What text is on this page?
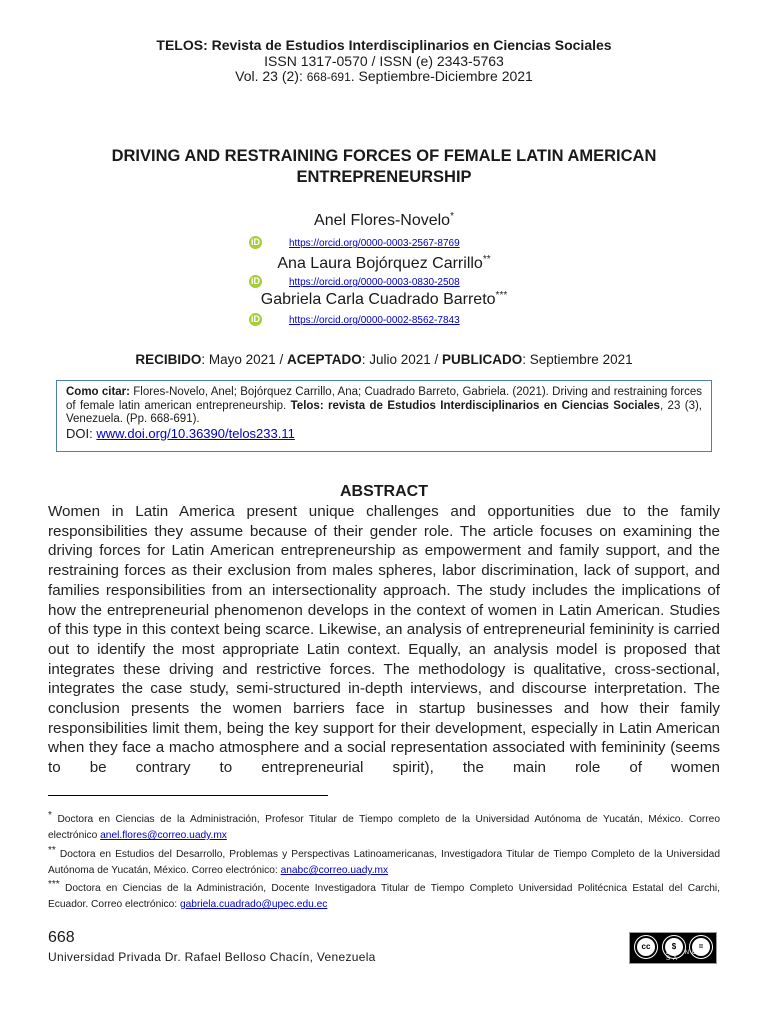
TELOS: Revista de Estudios Interdisciplinarios en Ciencias Sociales
ISSN 1317-0570 / ISSN (e) 2343-5763
Vol. 23 (2): 668-691. Septiembre-Diciembre 2021
DRIVING AND RESTRAINING FORCES OF FEMALE LATIN AMERICAN
ENTREPRENEURSHIP
Anel Flores-Novelo*
iD	https://orcid.org/0000-0003-2567-8769
Ana Laura Bojórquez Carrillo**
iD	https://orcid.org/0000-0003-0830-2508
Gabriela Carla Cuadrado Barreto***
iD	https://orcid.org/0000-0002-8562-7843
RECIBIDO: Mayo 2021 / ACEPTADO: Julio 2021 / PUBLICADO: Septiembre 2021
Como citar: Flores-Novelo, Anel; Bojórquez Carrillo, Ana; Cuadrado Barreto, Gabriela. (2021). Driving and restraining forces of female latin american entrepreneurship. Telos: revista de Estudios Interdisciplinarios en Ciencias Sociales, 23 (3), Venezuela. (Pp. 668-691).
DOI: www.doi.org/10.36390/telos233.11
ABSTRACT
Women in Latin America present unique challenges and opportunities due to the family responsibilities they assume because of their gender role. The article focuses on examining the driving forces for Latin American entrepreneurship as empowerment and family support, and the restraining forces as their exclusion from males spheres, labor discrimination, lack of support, and families responsibilities from an intersectionality approach. The study includes the implications of how the entrepreneurial phenomenon develops in the context of women in Latin American. Studies of this type in this context being scarce. Likewise, an analysis of entrepreneurial femininity is carried out to identify the most appropriate Latin context. Equally, an analysis model is proposed that integrates these driving and restrictive forces. The methodology is qualitative, cross-sectional, integrates the case study, semi-structured in-depth interviews, and discourse interpretation. The conclusion presents the women barriers face in startup businesses and how their family responsibilities limit them, being the key support for their development, especially in Latin American when they face a macho atmosphere and a social representation associated with femininity (seems to be contrary to entrepreneurial spirit), the main role of women
* Doctora en Ciencias de la Administración, Profesor Titular de Tiempo completo de la Universidad Autónoma de Yucatán, México. Correo electrónico anel.flores@correo.uady.mx
** Doctora en Estudios del Desarrollo, Problemas y Perspectivas Latinoamericanas, Investigadora Titular de Tiempo Completo de la Universidad Autónoma de Yucatán, México. Correo electrónico: anabc@correo.uady.mx
*** Doctora en Ciencias de la Administración, Docente Investigadora Titular de Tiempo Completo Universidad Politécnica Estatal del Carchi, Ecuador. Correo electrónico: gabriela.cuadrado@upec.edu.ec
668
Universidad Privada Dr. Rafael Belloso Chacín, Venezuela
cc	$	=
BY NC SA
